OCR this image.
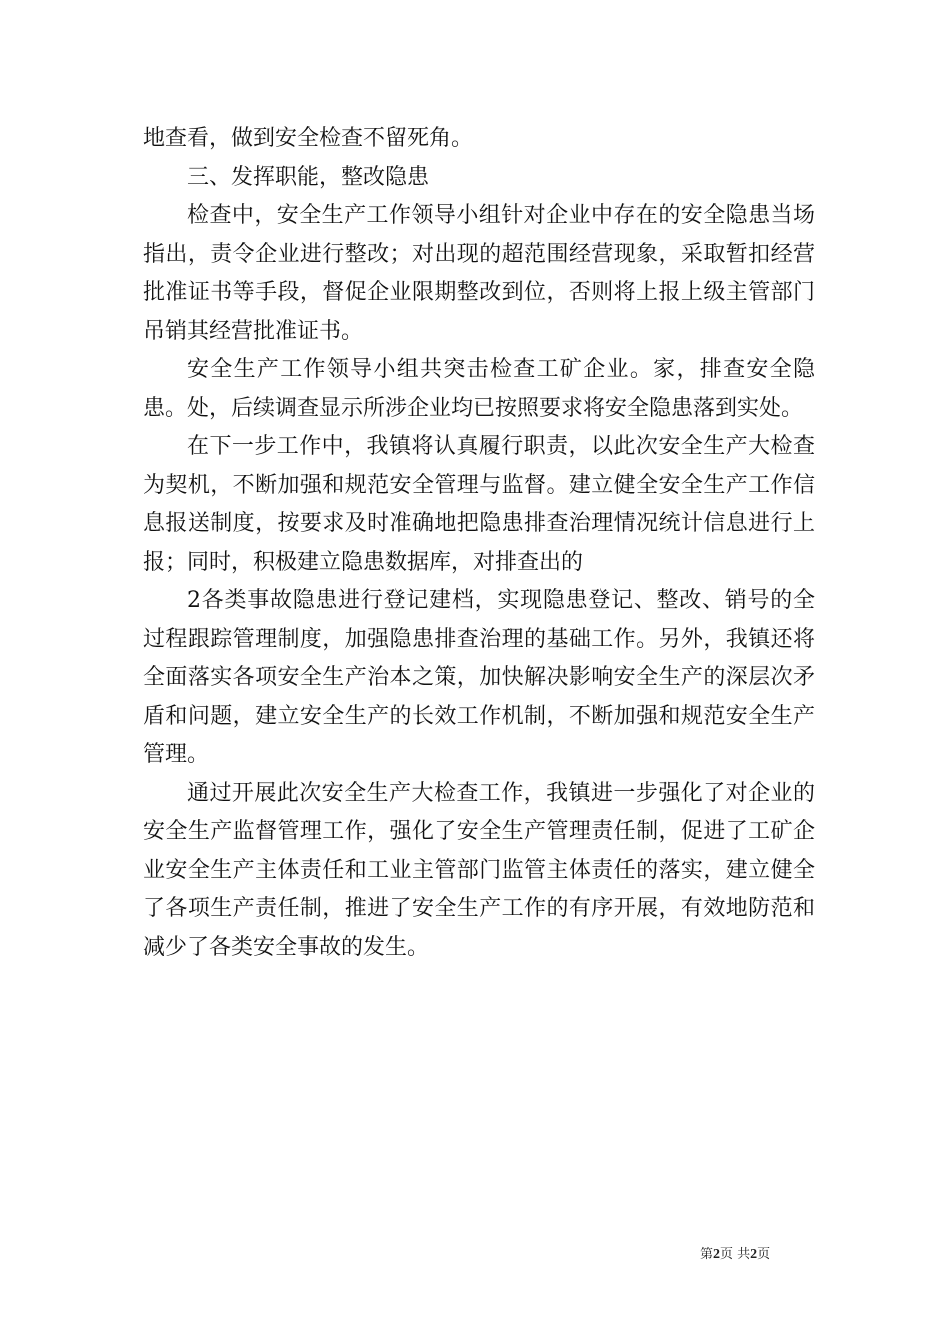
地查看，做到安全检查不留死角。

三、发挥职能，整改隐患

检查中，安全生产工作领导小组针对企业中存在的安全隐患当场指出，责令企业进行整改；对出现的超范围经营现象，采取暂扣经营批准证书等手段，督促企业限期整改到位，否则将上报上级主管部门吊销其经营批准证书。

安全生产工作领导小组共突击检查工矿企业。家，排查安全隐患。处，后续调查显示所涉企业均已按照要求将安全隐患落到实处。

在下一步工作中，我镇将认真履行职责，以此次安全生产大检查为契机，不断加强和规范安全管理与监督。建立健全安全生产工作信息报送制度，按要求及时准确地把隐患排查治理情况统计信息进行上报；同时，积极建立隐患数据库，对排查出的

2各类事故隐患进行登记建档，实现隐患登记、整改、销号的全过程跟踪管理制度，加强隐患排查治理的基础工作。另外，我镇还将全面落实各项安全生产治本之策，加快解决影响安全生产的深层次矛盾和问题，建立安全生产的长效工作机制，不断加强和规范安全生产管理。

通过开展此次安全生产大检查工作，我镇进一步强化了对企业的安全生产监督管理工作，强化了安全生产管理责任制，促进了工矿企业安全生产主体责任和工业主管部门监管主体责任的落实，建立健全了各项生产责任制，推进了安全生产工作的有序开展，有效地防范和减少了各类安全事故的发生。

第2页 共2页
